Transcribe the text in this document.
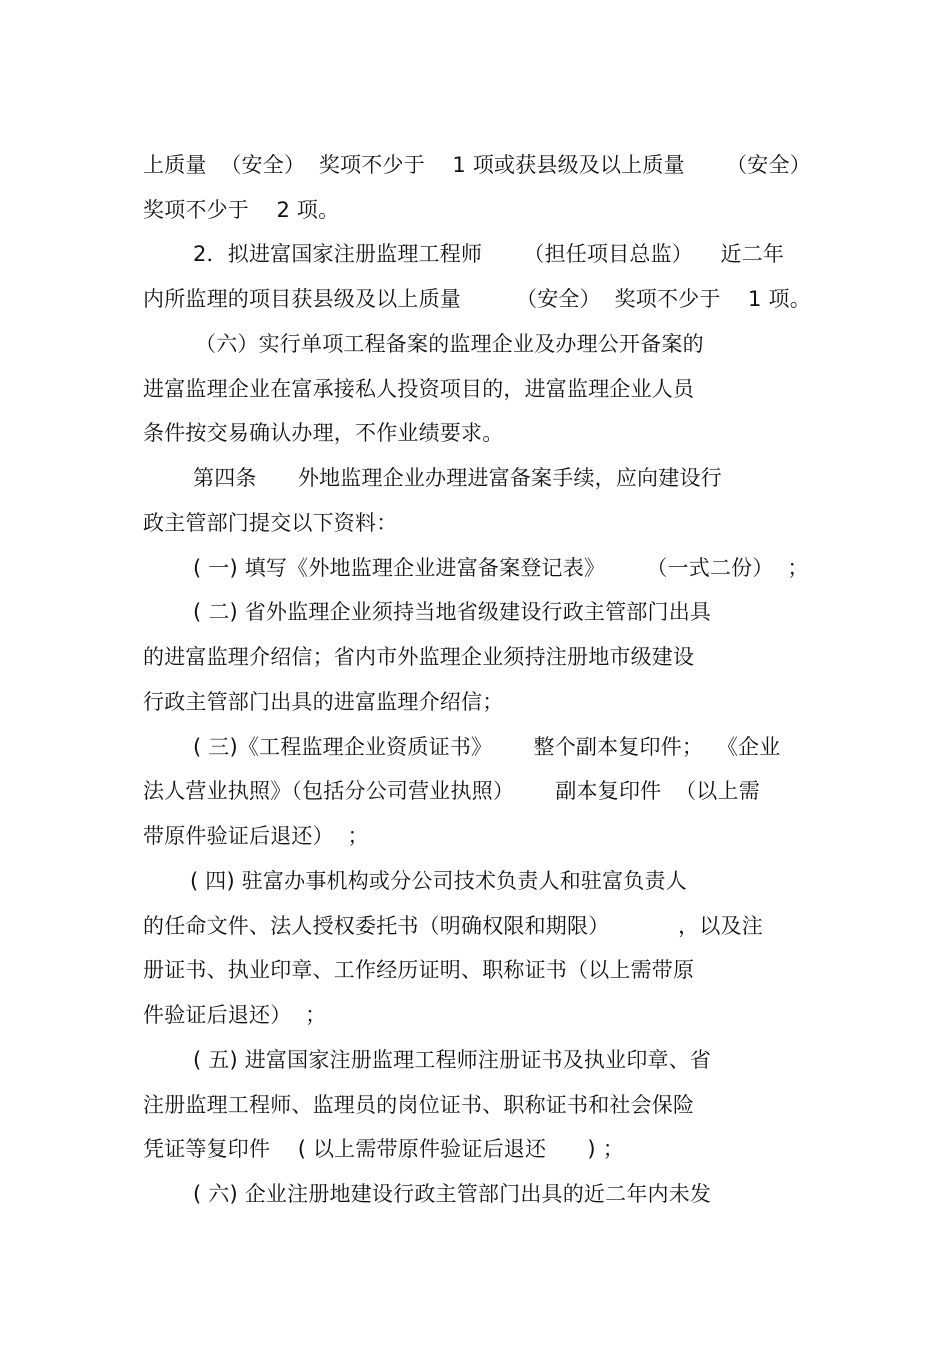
上质量  （安全）  奖项不少于    1 项或获县级及以上质量      （安全）
奖项不少于    2 项。
2．拟进富国家注册监理工程师      （担任项目总监）    近二年
内所监理的项目获县级及以上质量        （安全）  奖项不少于    1 项。
（六）实行单项工程备案的监理企业及办理公开备案的
进富监理企业在富承接私人投资项目的，进富监理企业人员
条件按交易确认办理，不作业绩要求。
第四条      外地监理企业办理进富备案手续，应向建设行
政主管部门提交以下资料：
( 一) 填写《外地监理企业进富备案登记表》      （一式二份）  ；
( 二) 省外监理企业须持当地省级建设行政主管部门出具
的进富监理介绍信；省内市外监理企业须持注册地市级建设
行政主管部门出具的进富监理介绍信；
( 三)《工程监理企业资质证书》      整个副本复印件；  《企业
法人营业执照》（包括分公司营业执照）      副本复印件  （以上需
带原件验证后退还）  ；
( 四) 驻富办事机构或分公司技术负责人和驻富负责人
的任命文件、法人授权委托书（明确权限和期限）          ，以及注
册证书、执业印章、工作经历证明、职称证书（以上需带原
件验证后退还）  ；
( 五) 进富国家注册监理工程师注册证书及执业印章、省
注册监理工程师、监理员的岗位证书、职称证书和社会保险
凭证等复印件    ( 以上需带原件验证后退还      ) ；
( 六) 企业注册地建设行政主管部门出具的近二年内未发
